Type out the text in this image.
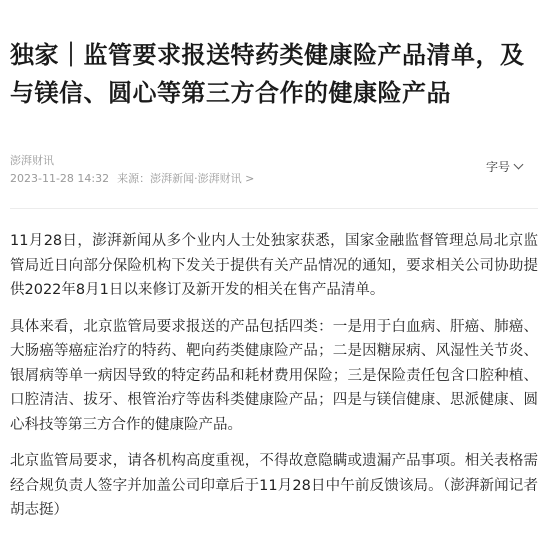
独家｜监管要求报送特药类健康险产品清单，及与镁信、圆心等第三方合作的健康险产品
澎湃财讯
2023-11-28 14:32 来源：澎湃新闻·澎湃财讯 >
字号

11月28日，澎湃新闻从多个业内人士处独家获悉，国家金融监督管理总局北京监管局近日向部分保险机构下发关于提供有关产品情况的通知，要求相关公司协助提供2022年8月1日以来修订及新开发的相关在售产品清单。

具体来看，北京监管局要求报送的产品包括四类：一是用于白血病、肝癌、肺癌、大肠癌等癌症治疗的特药、靶向药类健康险产品；二是因糖尿病、风湿性关节炎、银屑病等单一病因导致的特定药品和耗材费用保险；三是保险责任包含口腔种植、口腔清洁、拔牙、根管治疗等齿科类健康险产品；四是与镁信健康、思派健康、圆心科技等第三方合作的健康险产品。

北京监管局要求，请各机构高度重视，不得故意隐瞒或遗漏产品事项。相关表格需经合规负责人签字并加盖公司印章后于11月28日中午前反馈该局。（澎湃新闻记者 胡志挺）
